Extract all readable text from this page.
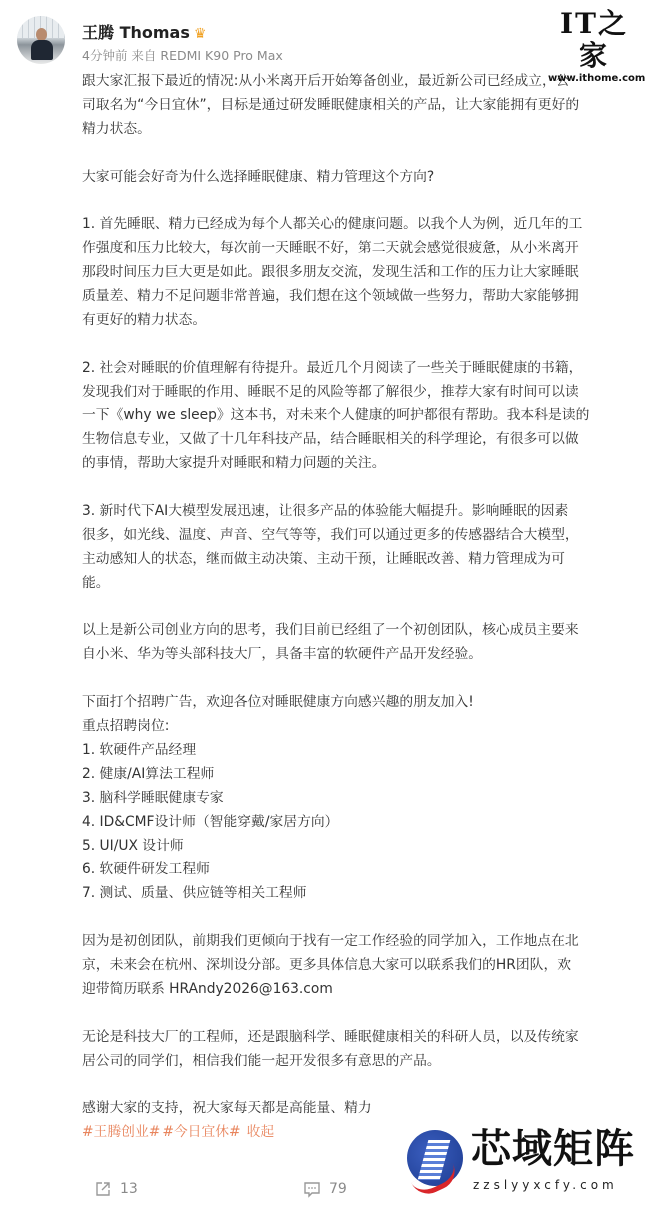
王腾 Thomas ♛
4分钟前 来自 REDMI K90 Pro Max
IT之家
www.ithome.com
跟大家汇报下最近的情况:从小米离开后开始筹备创业，最近新公司已经成立，公
司取名为“今日宜休”，目标是通过研发睡眠健康相关的产品，让大家能拥有更好的
精力状态。
大家可能会好奇为什么选择睡眠健康、精力管理这个方向?
1. 首先睡眠、精力已经成为每个人都关心的健康问题。以我个人为例，近几年的工
作强度和压力比较大，每次前一天睡眠不好，第二天就会感觉很疲惫，从小米离开
那段时间压力巨大更是如此。跟很多朋友交流，发现生活和工作的压力让大家睡眠
质量差、精力不足问题非常普遍，我们想在这个领域做一些努力，帮助大家能够拥
有更好的精力状态。
2. 社会对睡眠的价值理解有待提升。最近几个月阅读了一些关于睡眠健康的书籍，
发现我们对于睡眠的作用、睡眠不足的风险等都了解很少，推荐大家有时间可以读
一下《why we sleep》这本书，对未来个人健康的呵护都很有帮助。我本科是读的
生物信息专业，又做了十几年科技产品，结合睡眠相关的科学理论，有很多可以做
的事情，帮助大家提升对睡眠和精力问题的关注。
3. 新时代下AI大模型发展迅速，让很多产品的体验能大幅提升。影响睡眠的因素
很多，如光线、温度、声音、空气等等，我们可以通过更多的传感器结合大模型，
主动感知人的状态，继而做主动决策、主动干预，让睡眠改善、精力管理成为可
能。
以上是新公司创业方向的思考，我们目前已经组了一个初创团队，核心成员主要来
自小米、华为等头部科技大厂，具备丰富的软硬件产品开发经验。
下面打个招聘广告，欢迎各位对睡眠健康方向感兴趣的朋友加入!
重点招聘岗位:
1. 软硬件产品经理
2. 健康/AI算法工程师
3. 脑科学睡眠健康专家
4. ID&CMF设计师（智能穿戴/家居方向）
5. UI/UX 设计师
6. 软硬件研发工程师
7. 测试、质量、供应链等相关工程师
因为是初创团队，前期我们更倾向于找有一定工作经验的同学加入，工作地点在北
京，未来会在杭州、深圳设分部。更多具体信息大家可以联系我们的HR团队，欢
迎带简历联系 HRAndy2026@163.com
无论是科技大厂的工程师，还是跟脑科学、睡眠健康相关的科研人员，以及传统家
居公司的同学们，相信我们能一起开发很多有意思的产品。
感谢大家的支持，祝大家每天都是高能量、精力
#王腾创业# #今日宜休# 收起
13	79
芯域矩阵
zzslyyxcfy.com
